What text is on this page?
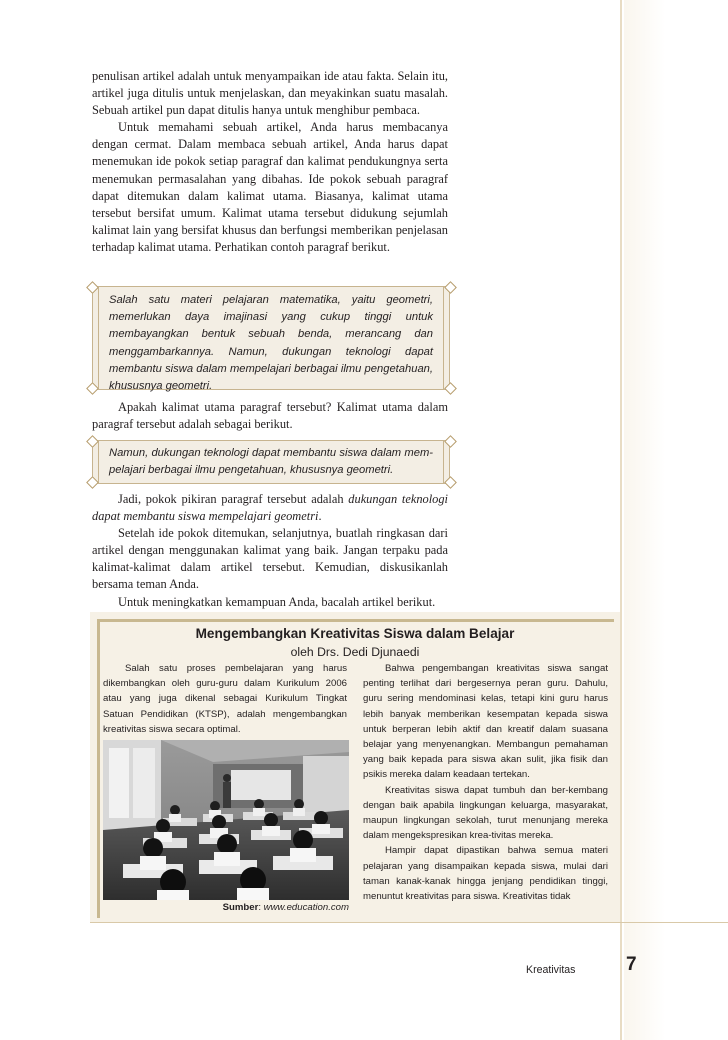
penulisan artikel adalah untuk menyampaikan ide atau fakta. Selain itu, artikel juga ditulis untuk menjelaskan, dan meyakinkan suatu masalah. Sebuah artikel pun dapat ditulis hanya untuk menghibur pembaca.

Untuk memahami sebuah artikel, Anda harus membacanya dengan cermat. Dalam membaca sebuah artikel, Anda harus dapat menemukan ide pokok setiap paragraf dan kalimat pendukungnya serta menemukan permasalahan yang dibahas. Ide pokok sebuah paragraf dapat ditemukan dalam kalimat utama. Biasanya, kalimat utama tersebut bersifat umum. Kalimat utama tersebut didukung sejumlah kalimat lain yang bersifat khusus dan berfungsi memberikan penjelasan terhadap kalimat utama. Perhatikan contoh paragraf berikut.

Salah satu materi pelajaran matematika, yaitu geometri, memerlukan daya imajinasi yang cukup tinggi untuk membayangkan bentuk sebuah benda, merancang dan menggambarkannya. Namun, dukungan teknologi dapat membantu siswa dalam mempelajari berbagai ilmu pengetahuan, khususnya geometri.

Apakah kalimat utama paragraf tersebut? Kalimat utama dalam paragraf tersebut adalah sebagai berikut.

Namun, dukungan teknologi dapat membantu siswa dalam mem-pelajari berbagai ilmu pengetahuan, khususnya geometri.

Jadi, pokok pikiran paragraf tersebut adalah dukungan teknologi dapat membantu siswa mempelajari geometri.

Setelah ide pokok ditemukan, selanjutnya, buatlah ringkasan dari artikel dengan menggunakan kalimat yang baik. Jangan terpaku pada kalimat-kalimat dalam artikel tersebut. Kemudian, diskusikanlah bersama teman Anda.

Untuk meningkatkan kemampuan Anda, bacalah artikel berikut.

Mengembangkan Kreativitas Siswa dalam Belajar
oleh Drs. Dedi Djunaedi

Salah satu proses pembelajaran yang harus dikembangkan oleh guru-guru dalam Kurikulum 2006 atau yang juga dikenal sebagai Kurikulum Tingkat Satuan Pendidikan (KTSP), adalah mengembangkan kreativitas siswa secara optimal.

Bahwa pengembangan kreativitas siswa sangat penting terlihat dari bergesernya peran guru. Dahulu, guru sering mendominasi kelas, tetapi kini guru harus lebih banyak memberikan kesempatan kepada siswa untuk berperan lebih aktif dan kreatif dalam suasana belajar yang menyenangkan. Membangun pemahaman yang baik kepada para siswa akan sulit, jika fisik dan psikis mereka dalam keadaan tertekan.

Kreativitas siswa dapat tumbuh dan ber-kembang dengan baik apabila lingkungan keluarga, masyarakat, maupun lingkungan sekolah, turut menunjang mereka dalam mengekspresikan krea-tivitas mereka.

Hampir dapat dipastikan bahwa semua materi pelajaran yang disampaikan kepada siswa, mulai dari taman kanak-kanak hingga jenjang pendidikan tinggi, menuntut kreativitas para siswa. Kreativitas tidak

Sumber: www.education.com
Kreativitas	7
